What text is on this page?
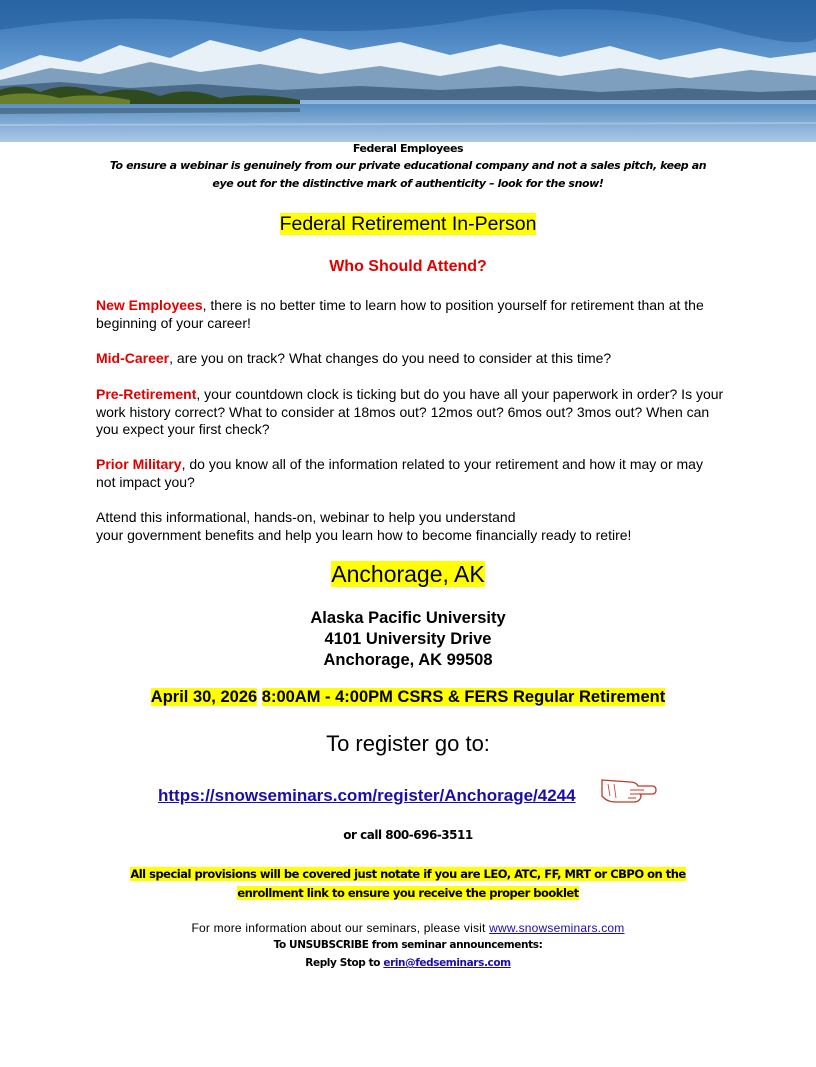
Federal Employees
To ensure a webinar is genuinely from our private educational company and not a sales pitch, keep an
eye out for the distinctive mark of authenticity – look for the snow!
Federal Retirement In-Person
Who Should Attend?
New Employees, there is no better time to learn how to position yourself for retirement than at the beginning of your career!
Mid-Career, are you on track? What changes do you need to consider at this time?
Pre-Retirement, your countdown clock is ticking but do you have all your paperwork in order? Is your work history correct? What to consider at 18mos out? 12mos out? 6mos out? 3mos out? When can you expect your first check?
Prior Military, do you know all of the information related to your retirement and how it may or may not impact you?
Attend this informational, hands-on, webinar to help you understand
your government benefits and help you learn how to become financially ready to retire!
Anchorage, AK
Alaska Pacific University
4101 University Drive
Anchorage, AK 99508
April 30, 2026 8:00AM - 4:00PM CSRS & FERS Regular Retirement
To register go to:
https://snowseminars.com/register/Anchorage/4244
or call 800-696-3511
All special provisions will be covered just notate if you are LEO, ATC, FF, MRT or CBPO on the
enrollment link to ensure you receive the proper booklet
For more information about our seminars, please visit www.snowseminars.com
To UNSUBSCRIBE from seminar announcements:
Reply Stop to erin@fedseminars.com
